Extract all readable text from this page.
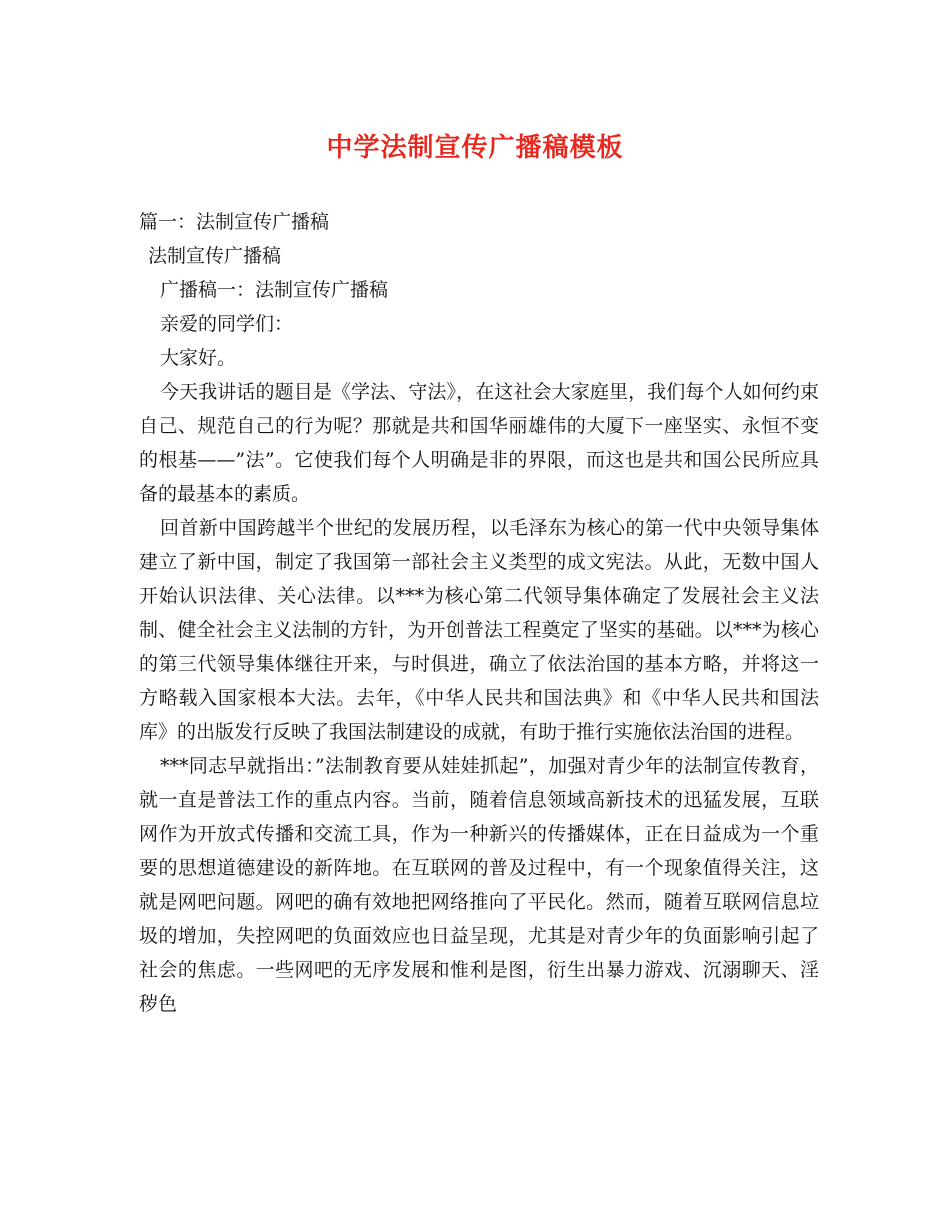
中学法制宣传广播稿模板
篇一：法制宣传广播稿
法制宣传广播稿
广播稿一：法制宣传广播稿
亲爱的同学们：
大家好。

今天我讲话的题目是《学法、守法》，在这社会大家庭里，我们每个人如何约束自己、规范自己的行为呢？那就是共和国华丽雄伟的大厦下一座坚实、永恒不变的根基——”法”。它使我们每个人明确是非的界限，而这也是共和国公民所应具备的最基本的素质。

回首新中国跨越半个世纪的发展历程，以毛泽东为核心的第一代中央领导集体建立了新中国，制定了我国第一部社会主义类型的成文宪法。从此，无数中国人开始认识法律、关心法律。以***为核心第二代领导集体确定了发展社会主义法制、健全社会主义法制的方针，为开创普法工程奠定了坚实的基础。以***为核心的第三代领导集体继往开来，与时俱进，确立了依法治国的基本方略，并将这一方略载入国家根本大法。去年，《中华人民共和国法典》和《中华人民共和国法库》的出版发行反映了我国法制建设的成就，有助于推行实施依法治国的进程。

***同志早就指出：”法制教育要从娃娃抓起”，加强对青少年的法制宣传教育，就一直是普法工作的重点内容。当前，随着信息领域高新技术的迅猛发展，互联网作为开放式传播和交流工具，作为一种新兴的传播媒体，正在日益成为一个重要的思想道德建设的新阵地。在互联网的普及过程中，有一个现象值得关注，这就是网吧问题。网吧的确有效地把网络推向了平民化。然而，随着互联网信息垃圾的增加，失控网吧的负面效应也日益呈现，尤其是对青少年的负面影响引起了社会的焦虑。一些网吧的无序发展和惟利是图，衍生出暴力游戏、沉溺聊天、淫秽色
